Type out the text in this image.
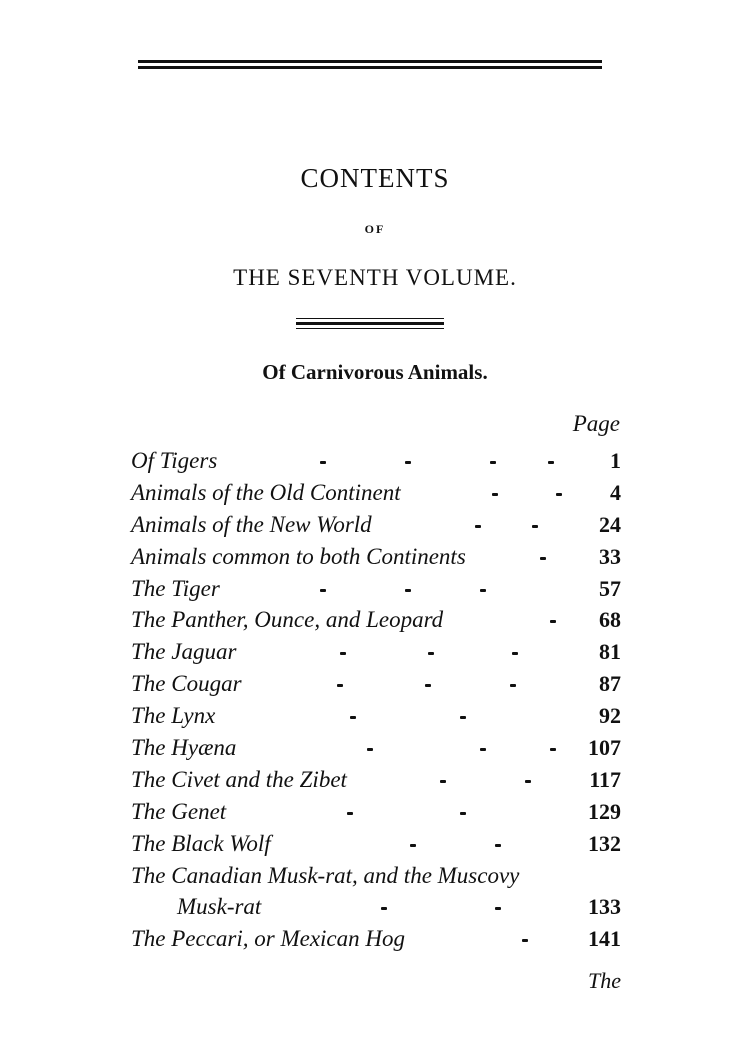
CONTENTS
OF
THE SEVENTH VOLUME.
Of Carnivorous Animals.
Page
Of Tigers	1
Animals of the Old Continent	4
Animals of the New World	24
Animals common to both Continents	33
The Tiger	57
The Panther, Ounce, and Leopard	68
The Jaguar	81
The Cougar	87
The Lynx	92
The Hyæna	107
The Civet and the Zibet	117
The Genet	129
The Black Wolf	132
The Canadian Musk-rat, and the Muscovy
Musk-rat	133
The Peccari, or Mexican Hog	141
The
